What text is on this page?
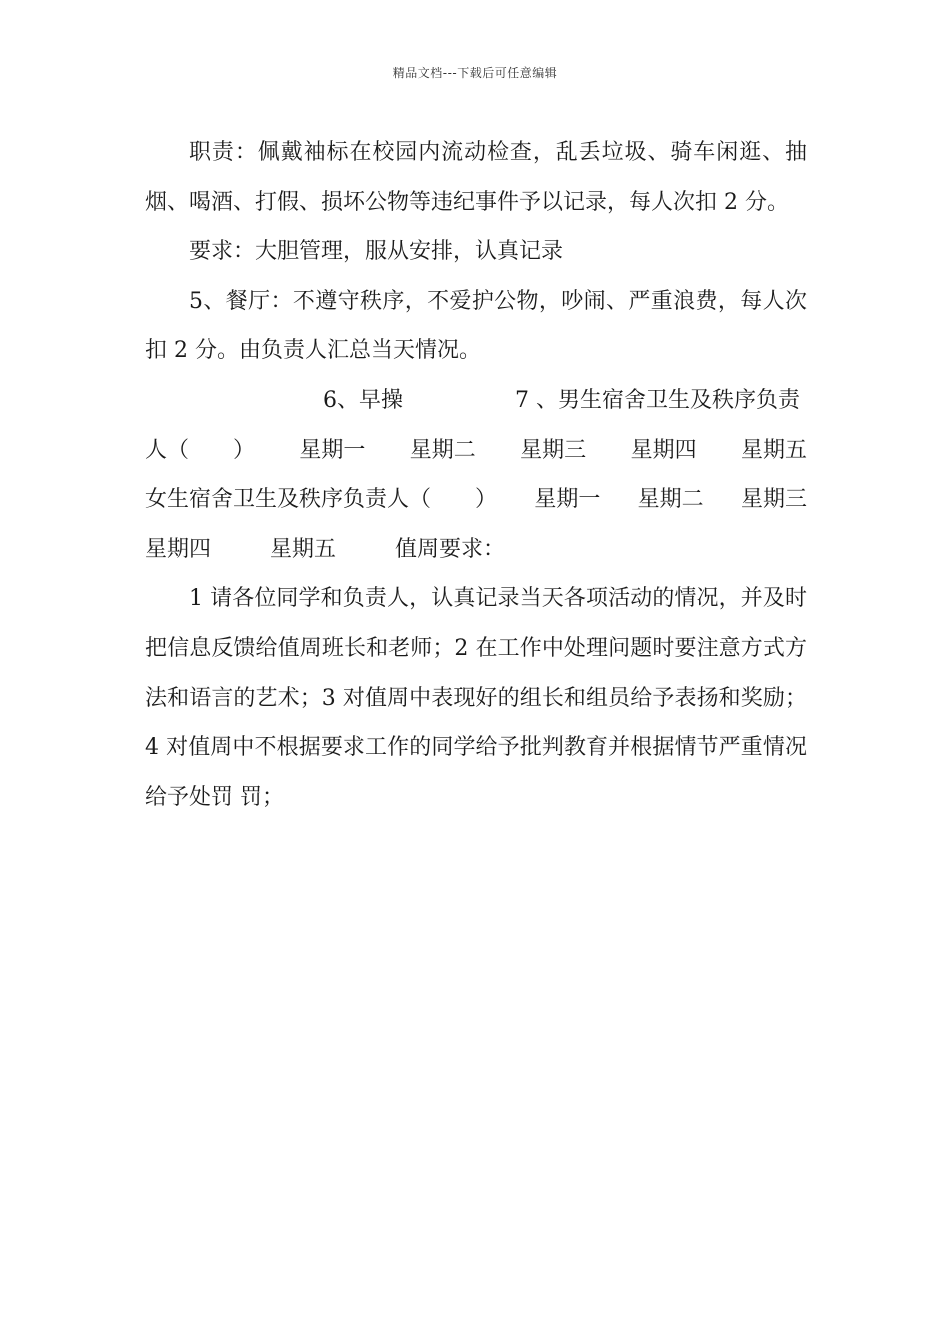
精品文档---下载后可任意编辑

职责：佩戴袖标在校园内流动检查，乱丢垃圾、骑车闲逛、抽烟、喝酒、打假、损坏公物等违纪事件予以记录，每人次扣 2 分。

要求：大胆管理，服从安排，认真记录

5、餐厅：不遵守秩序，不爱护公物，吵闹、严重浪费，每人次扣 2 分。由负责人汇总当天情况。

6、早操	7 、男生宿舍卫生及秩序负责
人（　　） 星期一 星期二 星期三 星期四 星期五
女生宿舍卫生及秩序负责人（　　） 星期一 星期二 星期三
星期四	星期五	值周要求：

1 请各位同学和负责人，认真记录当天各项活动的情况，并及时把信息反馈给值周班长和老师；2 在工作中处理问题时要注意方式方法和语言的艺术；3 对值周中表现好的组长和组员给予表扬和奖励；4 对值周中不根据要求工作的同学给予批判教育并根据情节严重情况给予处罚 罚；
